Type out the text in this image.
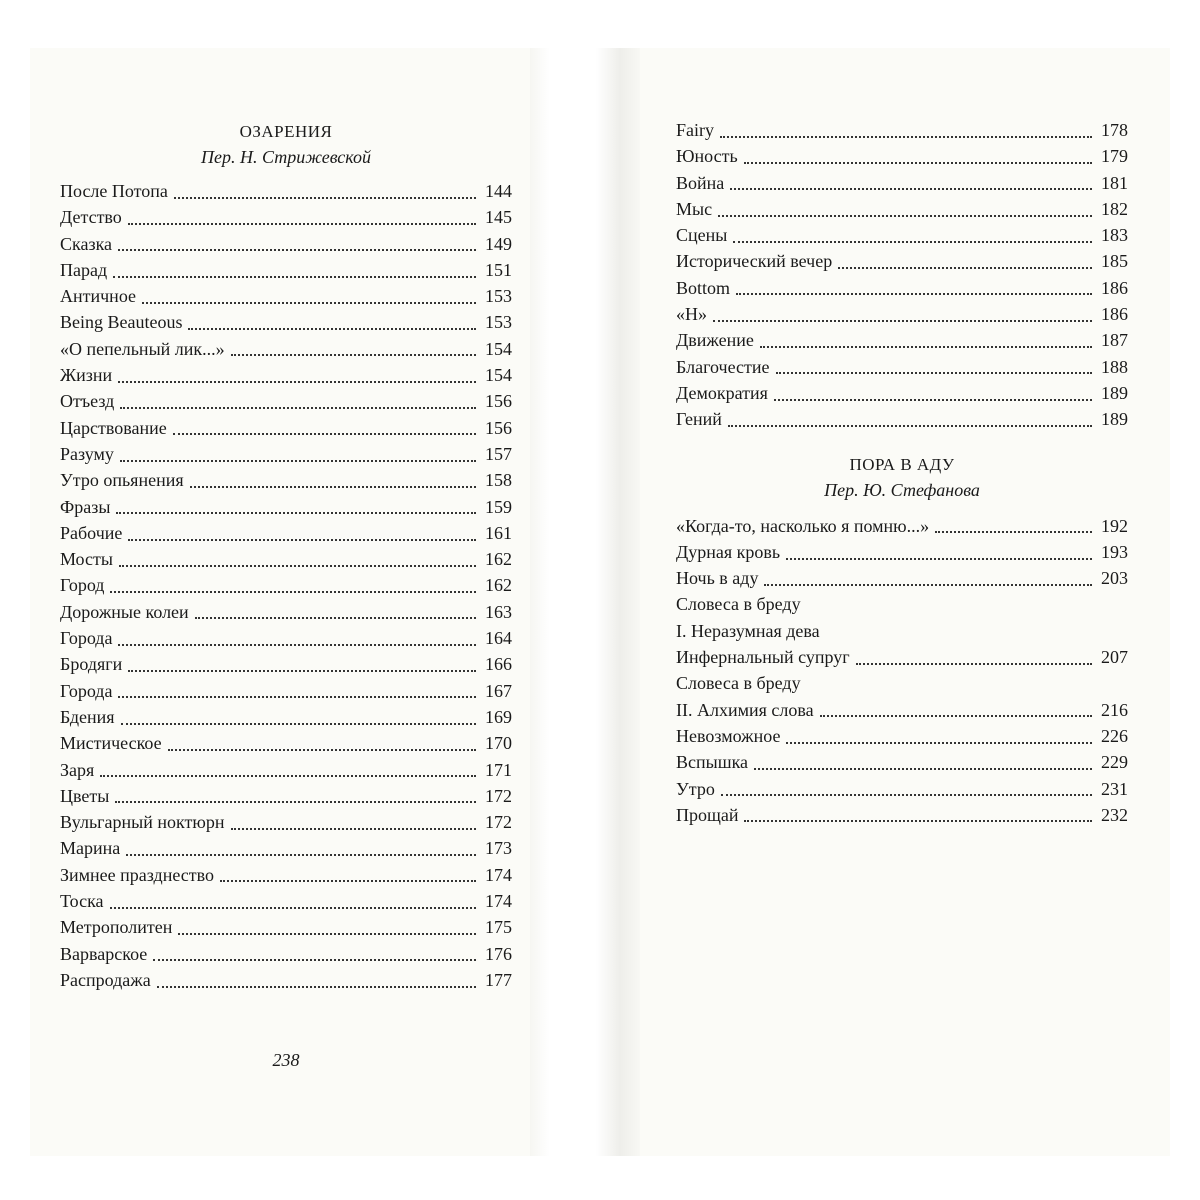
ОЗАРЕНИЯ
Пер. Н. Стрижевской
После Потопа	144
Детство	145
Сказка	149
Парад	151
Античное	153
Being Beauteous	153
«О пепельный лик...»	154
Жизни	154
Отъезд	156
Царствование	156
Разуму	157
Утро опьянения	158
Фразы	159
Рабочие	161
Мосты	162
Город	162
Дорожные колеи	163
Города	164
Бродяги	166
Города	167
Бдения	169
Мистическое	170
Заря	171
Цветы	172
Вульгарный ноктюрн	172
Марина	173
Зимнее празднество	174
Тоска	174
Метрополитен	175
Варварское	176
Распродажа	177
238
Fairy	178
Юность	179
Война	181
Мыс	182
Сцены	183
Исторический вечер	185
Bottom	186
«H»	186
Движение	187
Благочестие	188
Демократия	189
Гений	189
ПОРА В АДУ
Пер. Ю. Стефанова
«Когда-то, насколько я помню...»	192
Дурная кровь	193
Ночь в аду	203
Словеса в бреду
I. Неразумная дева
Инфернальный супруг	207
Словеса в бреду
II. Алхимия слова	216
Невозможное	226
Вспышка	229
Утро	231
Прощай	232
